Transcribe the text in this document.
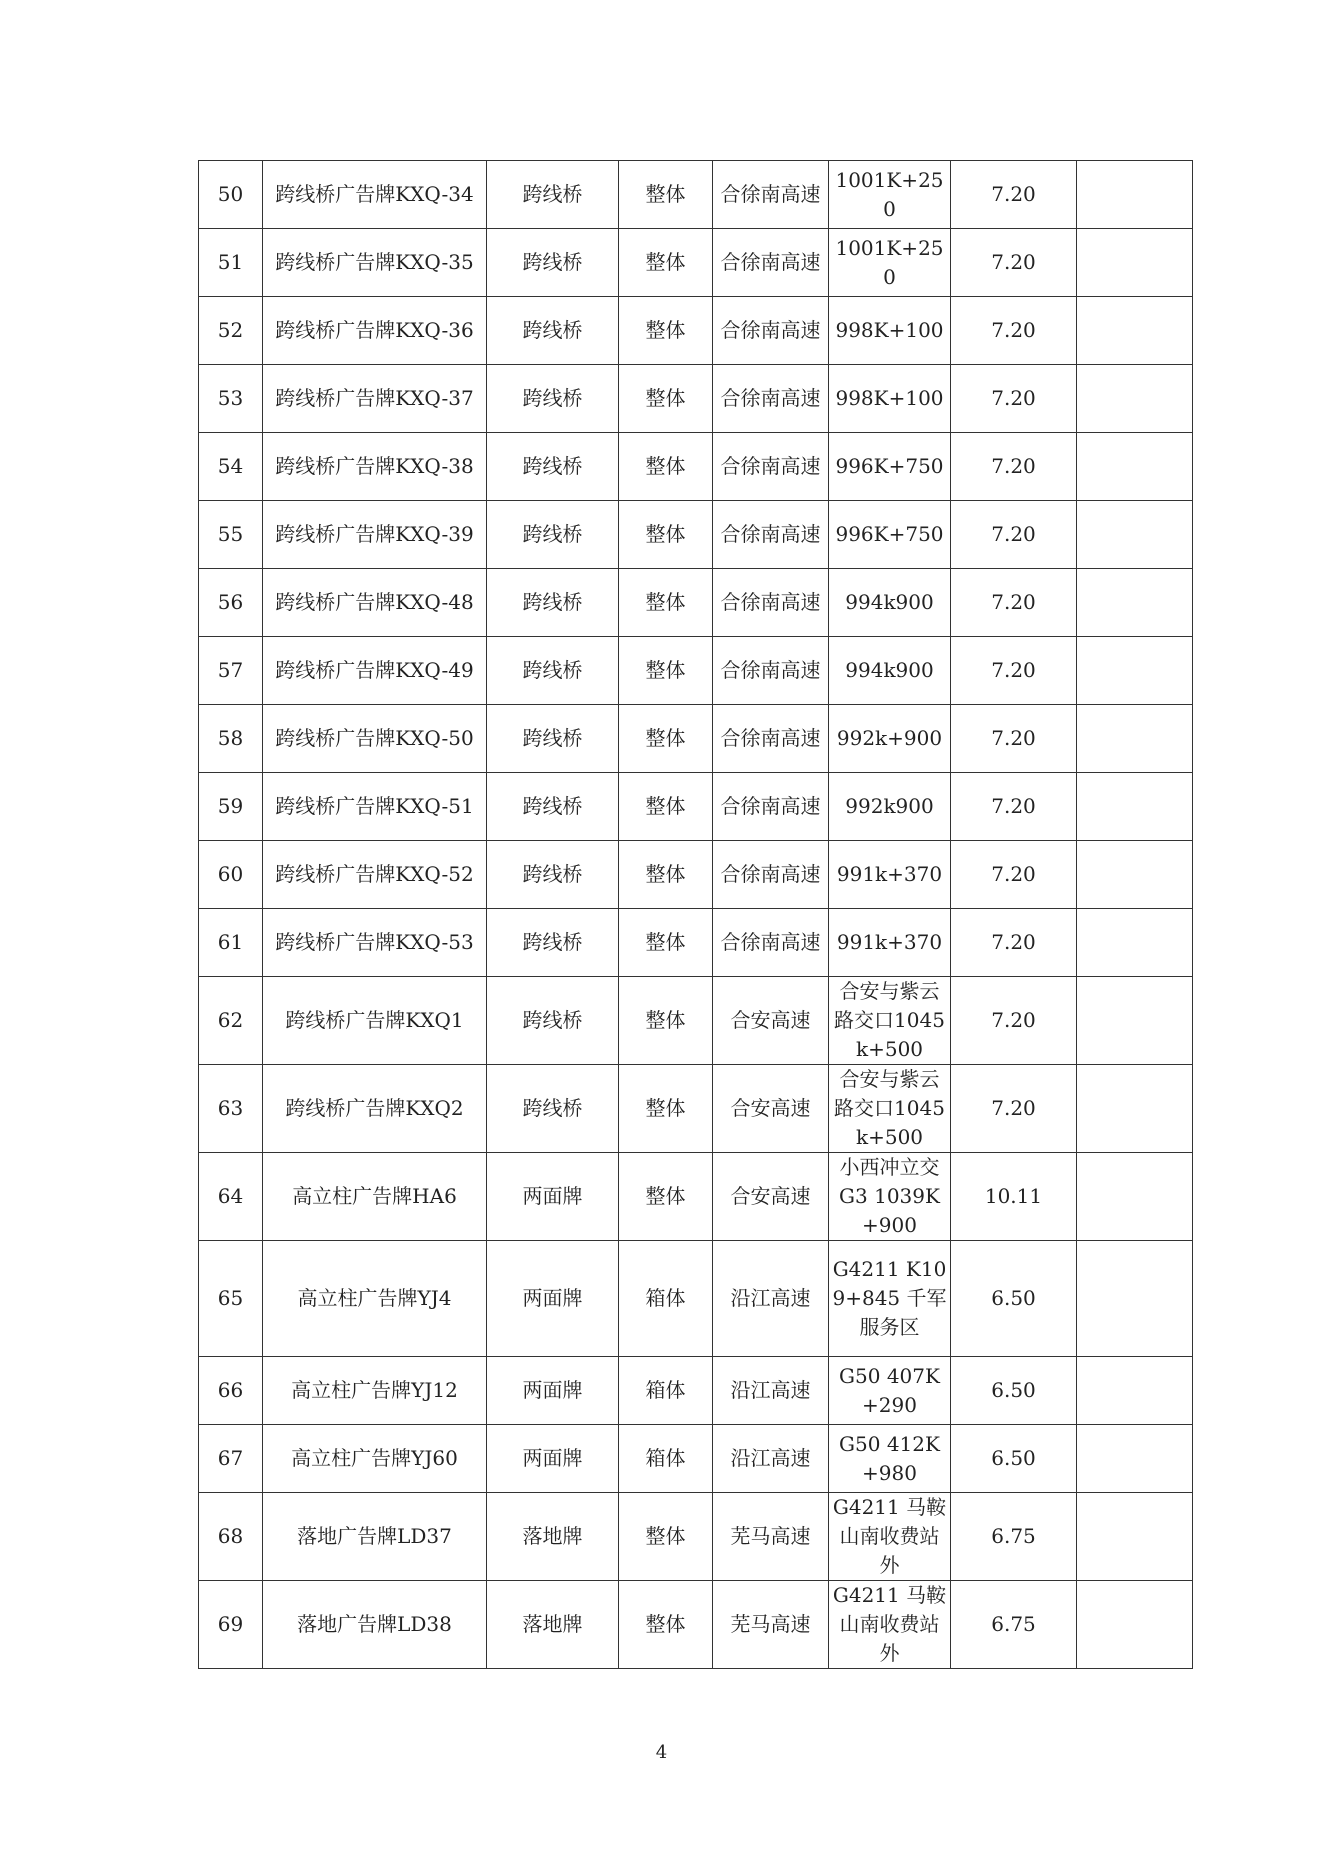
50	跨线桥广告牌KXQ-34	跨线桥	整体	合徐南高速	1001K+250	7.20	
51	跨线桥广告牌KXQ-35	跨线桥	整体	合徐南高速	1001K+250	7.20	
52	跨线桥广告牌KXQ-36	跨线桥	整体	合徐南高速	998K+100	7.20	
53	跨线桥广告牌KXQ-37	跨线桥	整体	合徐南高速	998K+100	7.20	
54	跨线桥广告牌KXQ-38	跨线桥	整体	合徐南高速	996K+750	7.20	
55	跨线桥广告牌KXQ-39	跨线桥	整体	合徐南高速	996K+750	7.20	
56	跨线桥广告牌KXQ-48	跨线桥	整体	合徐南高速	994k900	7.20	
57	跨线桥广告牌KXQ-49	跨线桥	整体	合徐南高速	994k900	7.20	
58	跨线桥广告牌KXQ-50	跨线桥	整体	合徐南高速	992k+900	7.20	
59	跨线桥广告牌KXQ-51	跨线桥	整体	合徐南高速	992k900	7.20	
60	跨线桥广告牌KXQ-52	跨线桥	整体	合徐南高速	991k+370	7.20	
61	跨线桥广告牌KXQ-53	跨线桥	整体	合徐南高速	991k+370	7.20	
62	跨线桥广告牌KXQ1	跨线桥	整体	合安高速	合安与紫云路交口1045k+500	7.20	
63	跨线桥广告牌KXQ2	跨线桥	整体	合安高速	合安与紫云路交口1045k+500	7.20	
64	高立柱广告牌HA6	两面牌	整体	合安高速	小西冲立交G3 1039K+900	10.11	
65	高立柱广告牌YJ4	两面牌	箱体	沿江高速	G4211 K109+845 千军服务区	6.50	
66	高立柱广告牌YJ12	两面牌	箱体	沿江高速	G50 407K+290	6.50	
67	高立柱广告牌YJ60	两面牌	箱体	沿江高速	G50 412K+980	6.50	
68	落地广告牌LD37	落地牌	整体	芜马高速	G4211 马鞍山南收费站外	6.75	
69	落地广告牌LD38	落地牌	整体	芜马高速	G4211 马鞍山南收费站外	6.75	
4
